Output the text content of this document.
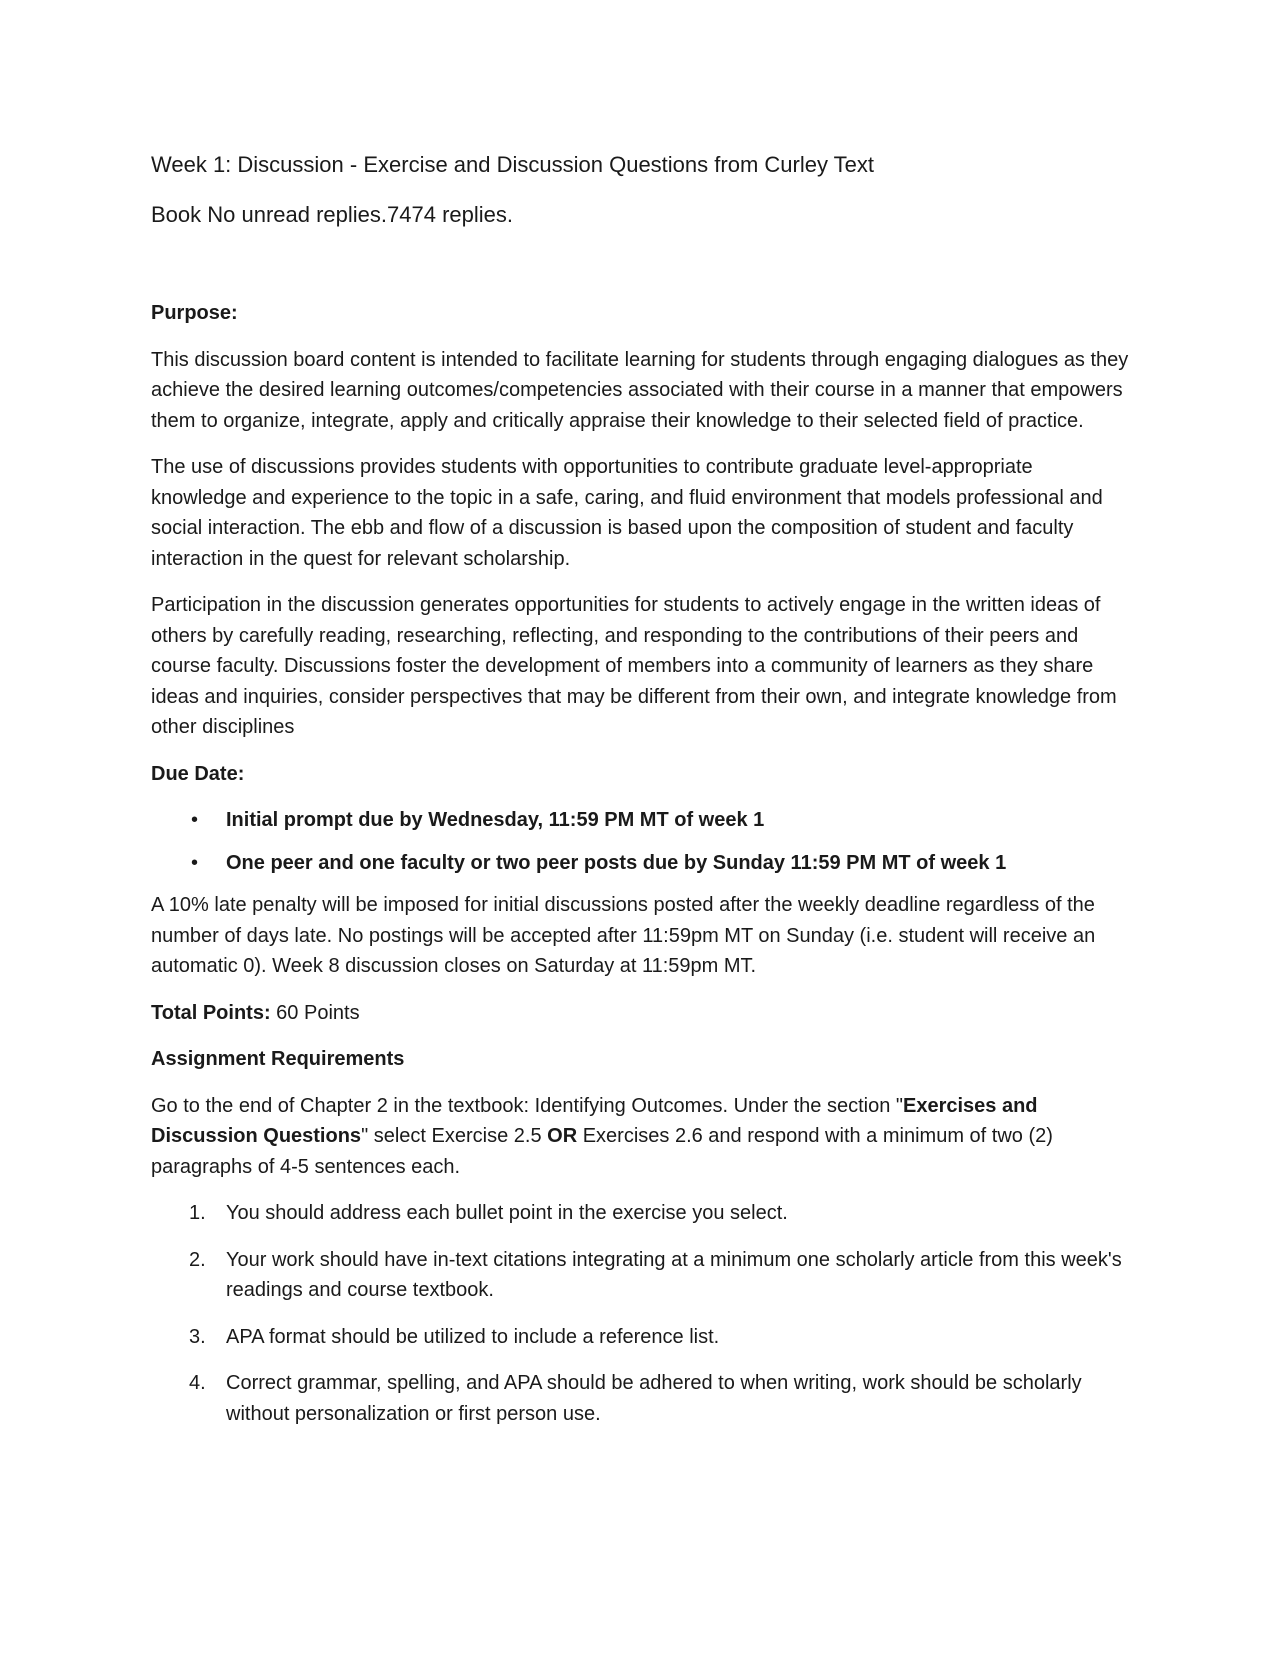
Week 1: Discussion - Exercise and Discussion Questions from Curley Text
Book No unread replies.7474 replies.

Purpose:

This discussion board content is intended to facilitate learning for students through engaging dialogues as they achieve the desired learning outcomes/competencies associated with their course in a manner that empowers them to organize, integrate, apply and critically appraise their knowledge to their selected field of practice.

The use of discussions provides students with opportunities to contribute graduate level-appropriate knowledge and experience to the topic in a safe, caring, and fluid environment that models professional and social interaction. The ebb and flow of a discussion is based upon the composition of student and faculty interaction in the quest for relevant scholarship.

Participation in the discussion generates opportunities for students to actively engage in the written ideas of others by carefully reading, researching, reflecting, and responding to the contributions of their peers and course faculty. Discussions foster the development of members into a community of learners as they share ideas and inquiries, consider perspectives that may be different from their own, and integrate knowledge from other disciplines

Due Date:

• Initial prompt due by Wednesday, 11:59 PM MT of week 1
• One peer and one faculty or two peer posts due by Sunday 11:59 PM MT of week 1

A 10% late penalty will be imposed for initial discussions posted after the weekly deadline regardless of the number of days late. No postings will be accepted after 11:59pm MT on Sunday (i.e. student will receive an automatic 0). Week 8 discussion closes on Saturday at 11:59pm MT.

Total Points: 60 Points

Assignment Requirements

Go to the end of Chapter 2 in the textbook: Identifying Outcomes. Under the section "Exercises and Discussion Questions" select Exercise 2.5 OR Exercises 2.6 and respond with a minimum of two (2) paragraphs of 4-5 sentences each.

1. You should address each bullet point in the exercise you select.
2. Your work should have in-text citations integrating at a minimum one scholarly article from this week's readings and course textbook.
3. APA format should be utilized to include a reference list.
4. Correct grammar, spelling, and APA should be adhered to when writing, work should be scholarly without personalization or first person use.
